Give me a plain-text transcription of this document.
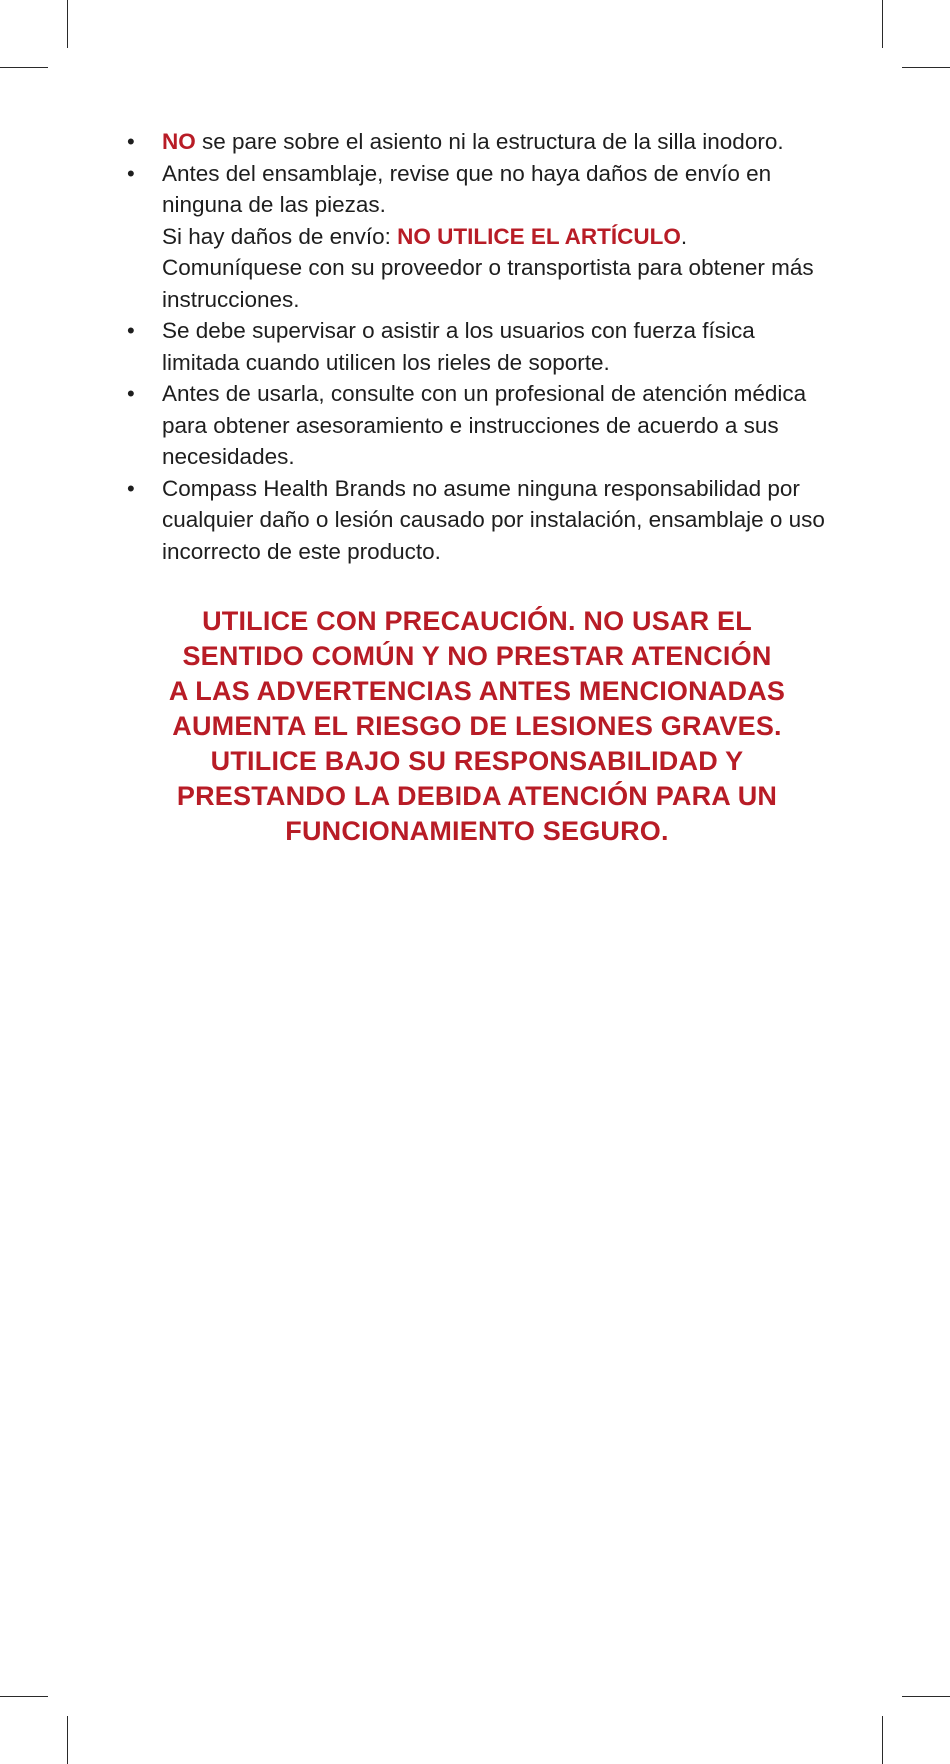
• NO se pare sobre el asiento ni la estructura de la silla inodoro.
• Antes del ensamblaje, revise que no haya daños de envío en ninguna de las piezas.
Si hay daños de envío: NO UTILICE EL ARTÍCULO.
Comuníquese con su proveedor o transportista para obtener más instrucciones.
• Se debe supervisar o asistir a los usuarios con fuerza física limitada cuando utilicen los rieles de soporte.
• Antes de usarla, consulte con un profesional de atención médica para obtener asesoramiento e instrucciones de acuerdo a sus necesidades.
• Compass Health Brands no asume ninguna responsabilidad por cualquier daño o lesión causado por instalación, ensamblaje o uso incorrecto de este producto.
UTILICE CON PRECAUCIÓN. NO USAR EL
SENTIDO COMÚN Y NO PRESTAR ATENCIÓN
A LAS ADVERTENCIAS ANTES MENCIONADAS
AUMENTA EL RIESGO DE LESIONES GRAVES.
UTILICE BAJO SU RESPONSABILIDAD Y
PRESTANDO LA DEBIDA ATENCIÓN PARA UN
FUNCIONAMIENTO SEGURO.
